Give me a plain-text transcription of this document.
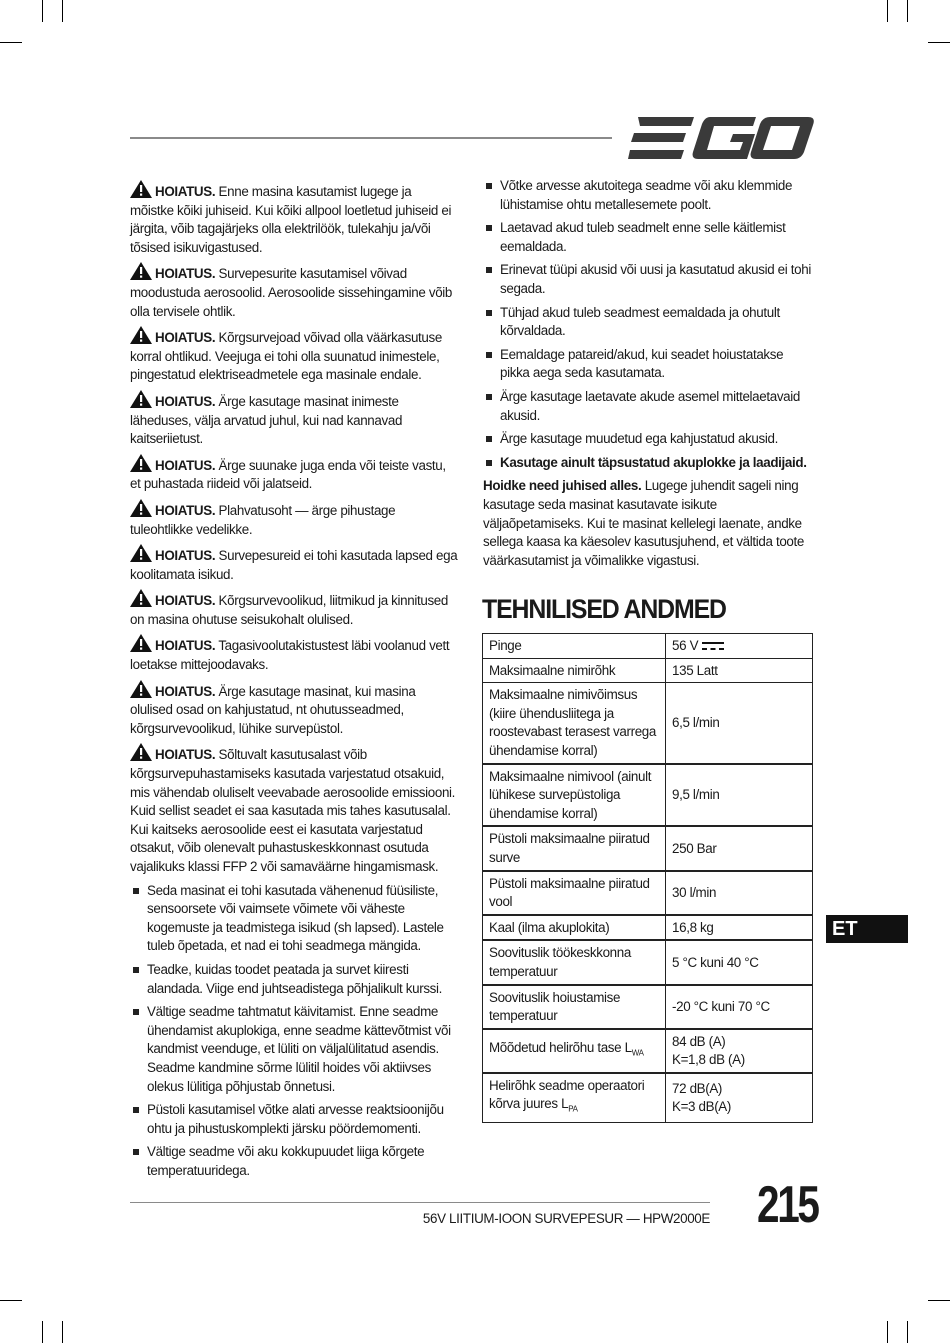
HOIATUS. Enne masina kasutamist lugege ja mõistke kõiki juhiseid. Kui kõiki allpool loetletud juhiseid ei järgita, võib tagajärjeks olla elektrilöök, tulekahju ja/või tõsised isikuvigastused.

HOIATUS. Survepesurite kasutamisel võivad moodustuda aerosoolid. Aerosoolide sissehingamine võib olla tervisele ohtlik.

HOIATUS. Kõrgsurvejoad võivad olla väärkasutuse korral ohtlikud. Veejuga ei tohi olla suunatud inimestele, pingestatud elektriseadmetele ega masinale endale.

HOIATUS. Ärge kasutage masinat inimeste läheduses, välja arvatud juhul, kui nad kannavad kaitseriietust.

HOIATUS. Ärge suunake juga enda või teiste vastu, et puhastada riideid või jalatseid.

HOIATUS. Plahvatusoht — ärge pihustage tuleohtlikke vedelikke.

HOIATUS. Survepesureid ei tohi kasutada lapsed ega koolitamata isikud.

HOIATUS. Kõrgsurvevoolikud, liitmikud ja kinnitused on masina ohutuse seisukohalt olulised.

HOIATUS. Tagasivoolutakistustest läbi voolanud vett loetakse mittejoodavaks.

HOIATUS. Ärge kasutage masinat, kui masina olulised osad on kahjustatud, nt ohutusseadmed, kõrgsurvevoolikud, lühike survepüstol.

HOIATUS. Sõltuvalt kasutusalast võib kõrgsurvepuhastamiseks kasutada varjestatud otsakuid, mis vähendab oluliselt veevabade aerosoolide emissiooni. Kuid sellist seadet ei saa kasutada mis tahes kasutusalal. Kui kaitseks aerosoolide eest ei kasutata varjestatud otsakut, võib olenevalt puhastuskeskkonnast osutuda vajalikuks klassi FFP 2 või samaväärne hingamismask.

Seda masinat ei tohi kasutada vähenenud füüsiliste, sensoorsete või vaimsete võimete või väheste kogemuste ja teadmistega isikud (sh lapsed). Lastele tuleb õpetada, et nad ei tohi seadmega mängida.
Teadke, kuidas toodet peatada ja survet kiiresti alandada. Viige end juhtseadistega põhjalikult kurssi.
Vältige seadme tahtmatut käivitamist. Enne seadme ühendamist akuplokiga, enne seadme kättevõtmist või kandmist veenduge, et lüliti on väljalülitatud asendis. Seadme kandmine sõrme lülitil hoides või aktiivses olekus lülitiga põhjustab õnnetusi.
Püstoli kasutamisel võtke alati arvesse reaktsioonijõu ohtu ja pihustuskomplekti järsku pöördemomenti.
Vältige seadme või aku kokkupuudet liiga kõrgete temperatuuridega.
Võtke arvesse akutoitega seadme või aku klemmide lühistamise ohtu metallesemete poolt.
Laetavad akud tuleb seadmelt enne selle käitlemist eemaldada.
Erinevat tüüpi akusid või uusi ja kasutatud akusid ei tohi segada.
Tühjad akud tuleb seadmest eemaldada ja ohutult kõrvaldada.
Eemaldage patareid/akud, kui seadet hoiustatakse pikka aega seda kasutamata.
Ärge kasutage laetavate akude asemel mittelaetavaid akusid.
Ärge kasutage muudetud ega kahjustatud akusid.
Kasutage ainult täpsustatud akuplokke ja laadijaid.

Hoidke need juhised alles. Lugege juhendit sageli ning kasutage seda masinat kasutavate isikute väljaõpetamiseks. Kui te masinat kellelegi laenate, andke sellega kaasa ka käesolev kasutusjuhend, et vältida toote väärkasutamist ja võimalikke vigastusi.

TEHNILISED ANDMED
Pinge	56 V
Maksimaalne nimirõhk	135 Latt
Maksimaalne nimivõimsus (kiire ühendusliitega ja roostevabast terasest varrega ühendamise korral)	6,5 l/min
Maksimaalne nimivool (ainult lühikese survepüstoliga ühendamise korral)	9,5 l/min
Püstoli maksimaalne piiratud surve	250 Bar
Püstoli maksimaalne piiratud vool	30 l/min
Kaal (ilma akuplokita)	16,8 kg
Soovituslik töökeskkonna temperatuur	5 °C kuni 40 °C
Soovituslik hoiustamise temperatuur	-20 °C kuni 70 °C
Mõõdetud helirõhu tase $L_{WA}$	84 dB (A)
K=1,8 dB (A)
Helirõhk seadme operaatori kõrva juures $L_{PA}$	72 dB(A)
K=3 dB(A)
ET
56V LIITIUM-IOON SURVEPESUR — HPW2000E 215
